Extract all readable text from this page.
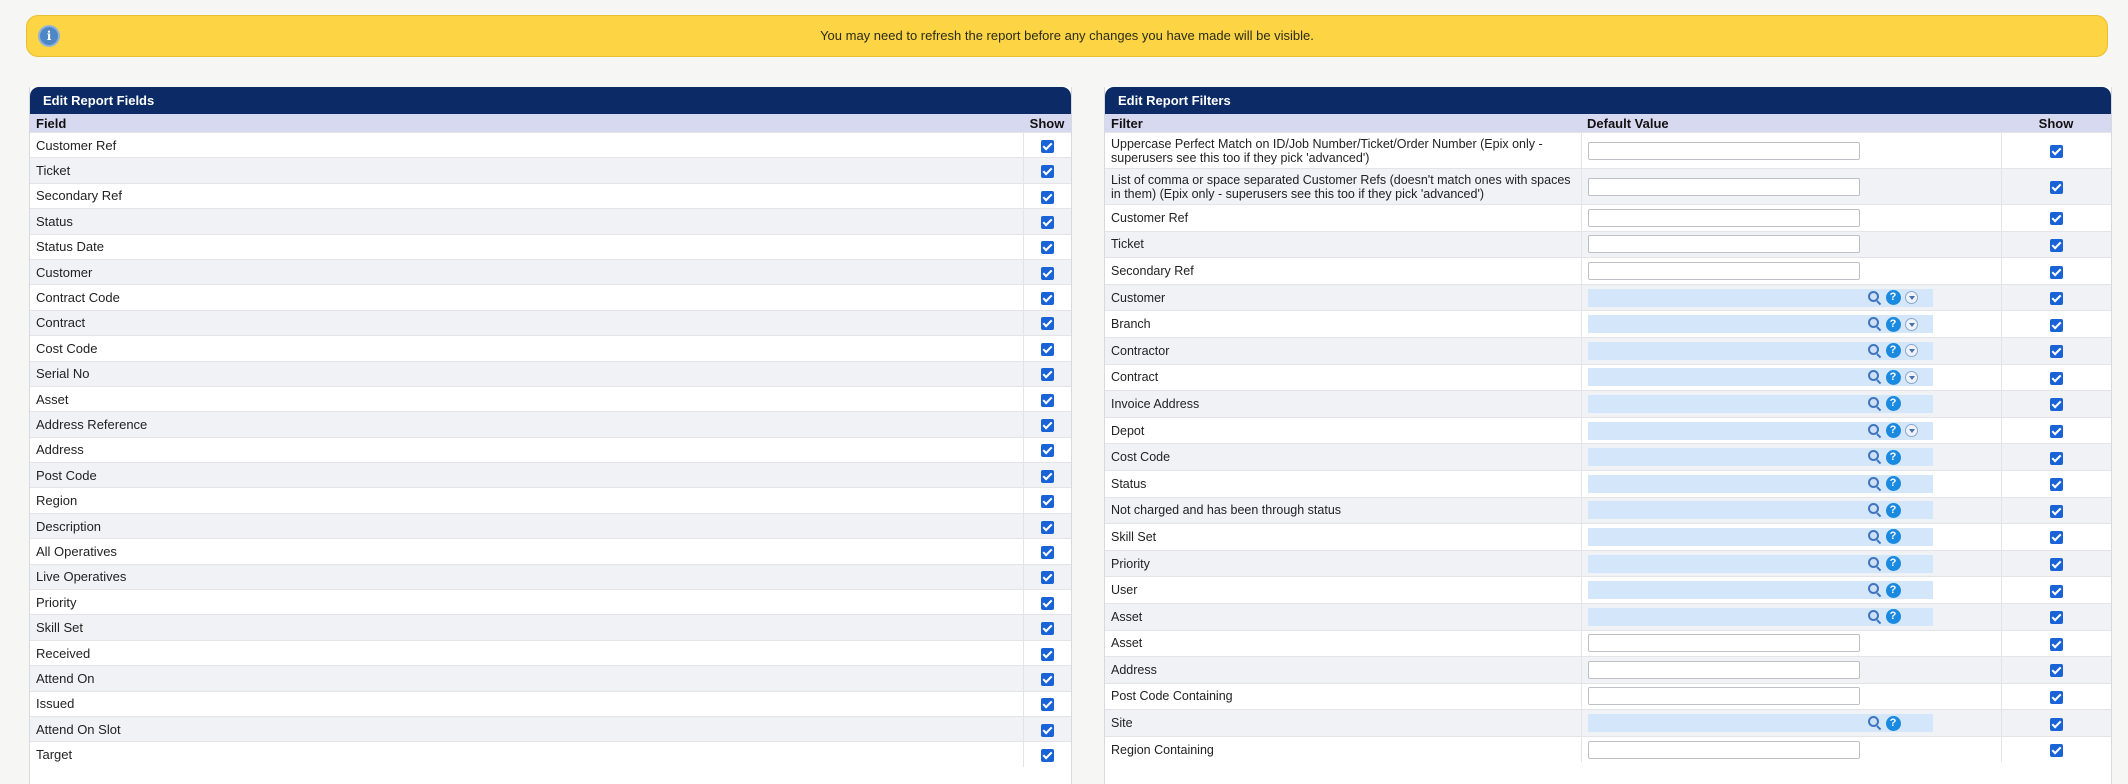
i	You may need to refresh the report before any changes you have made will be visible.
Edit Report Fields
Field	Show
Customer Ref	
Ticket	
Secondary Ref	
Status	
Status Date	
Customer	
Contract Code	
Contract	
Cost Code	
Serial No	
Asset	
Address Reference	
Address	
Post Code	
Region	
Description	
All Operatives	
Live Operatives	
Priority	
Skill Set	
Received	
Attend On	
Issued	
Attend On Slot	
Target	
Edit Report Filters
Filter	Default Value	Show
Uppercase Perfect Match on ID/Job Number/Ticket/Order Number (Epix only - superusers see this too if they pick 'advanced')		
List of comma or space separated Customer Refs (doesn't match ones with spaces in them) (Epix only - superusers see this too if they pick 'advanced')		
Customer Ref		
Ticket		
Secondary Ref		
Customer	?	

Branch	?	

Contractor	?	

Contract	?	

Invoice Address	?	

Depot	?	

Cost Code	?	

Status	?	

Not charged and has been through status	?	

Skill Set	?	

Priority	?	

User	?	

Asset	?	

Asset		
Address		
Post Code Containing		
Site	?	

Region Containing		
